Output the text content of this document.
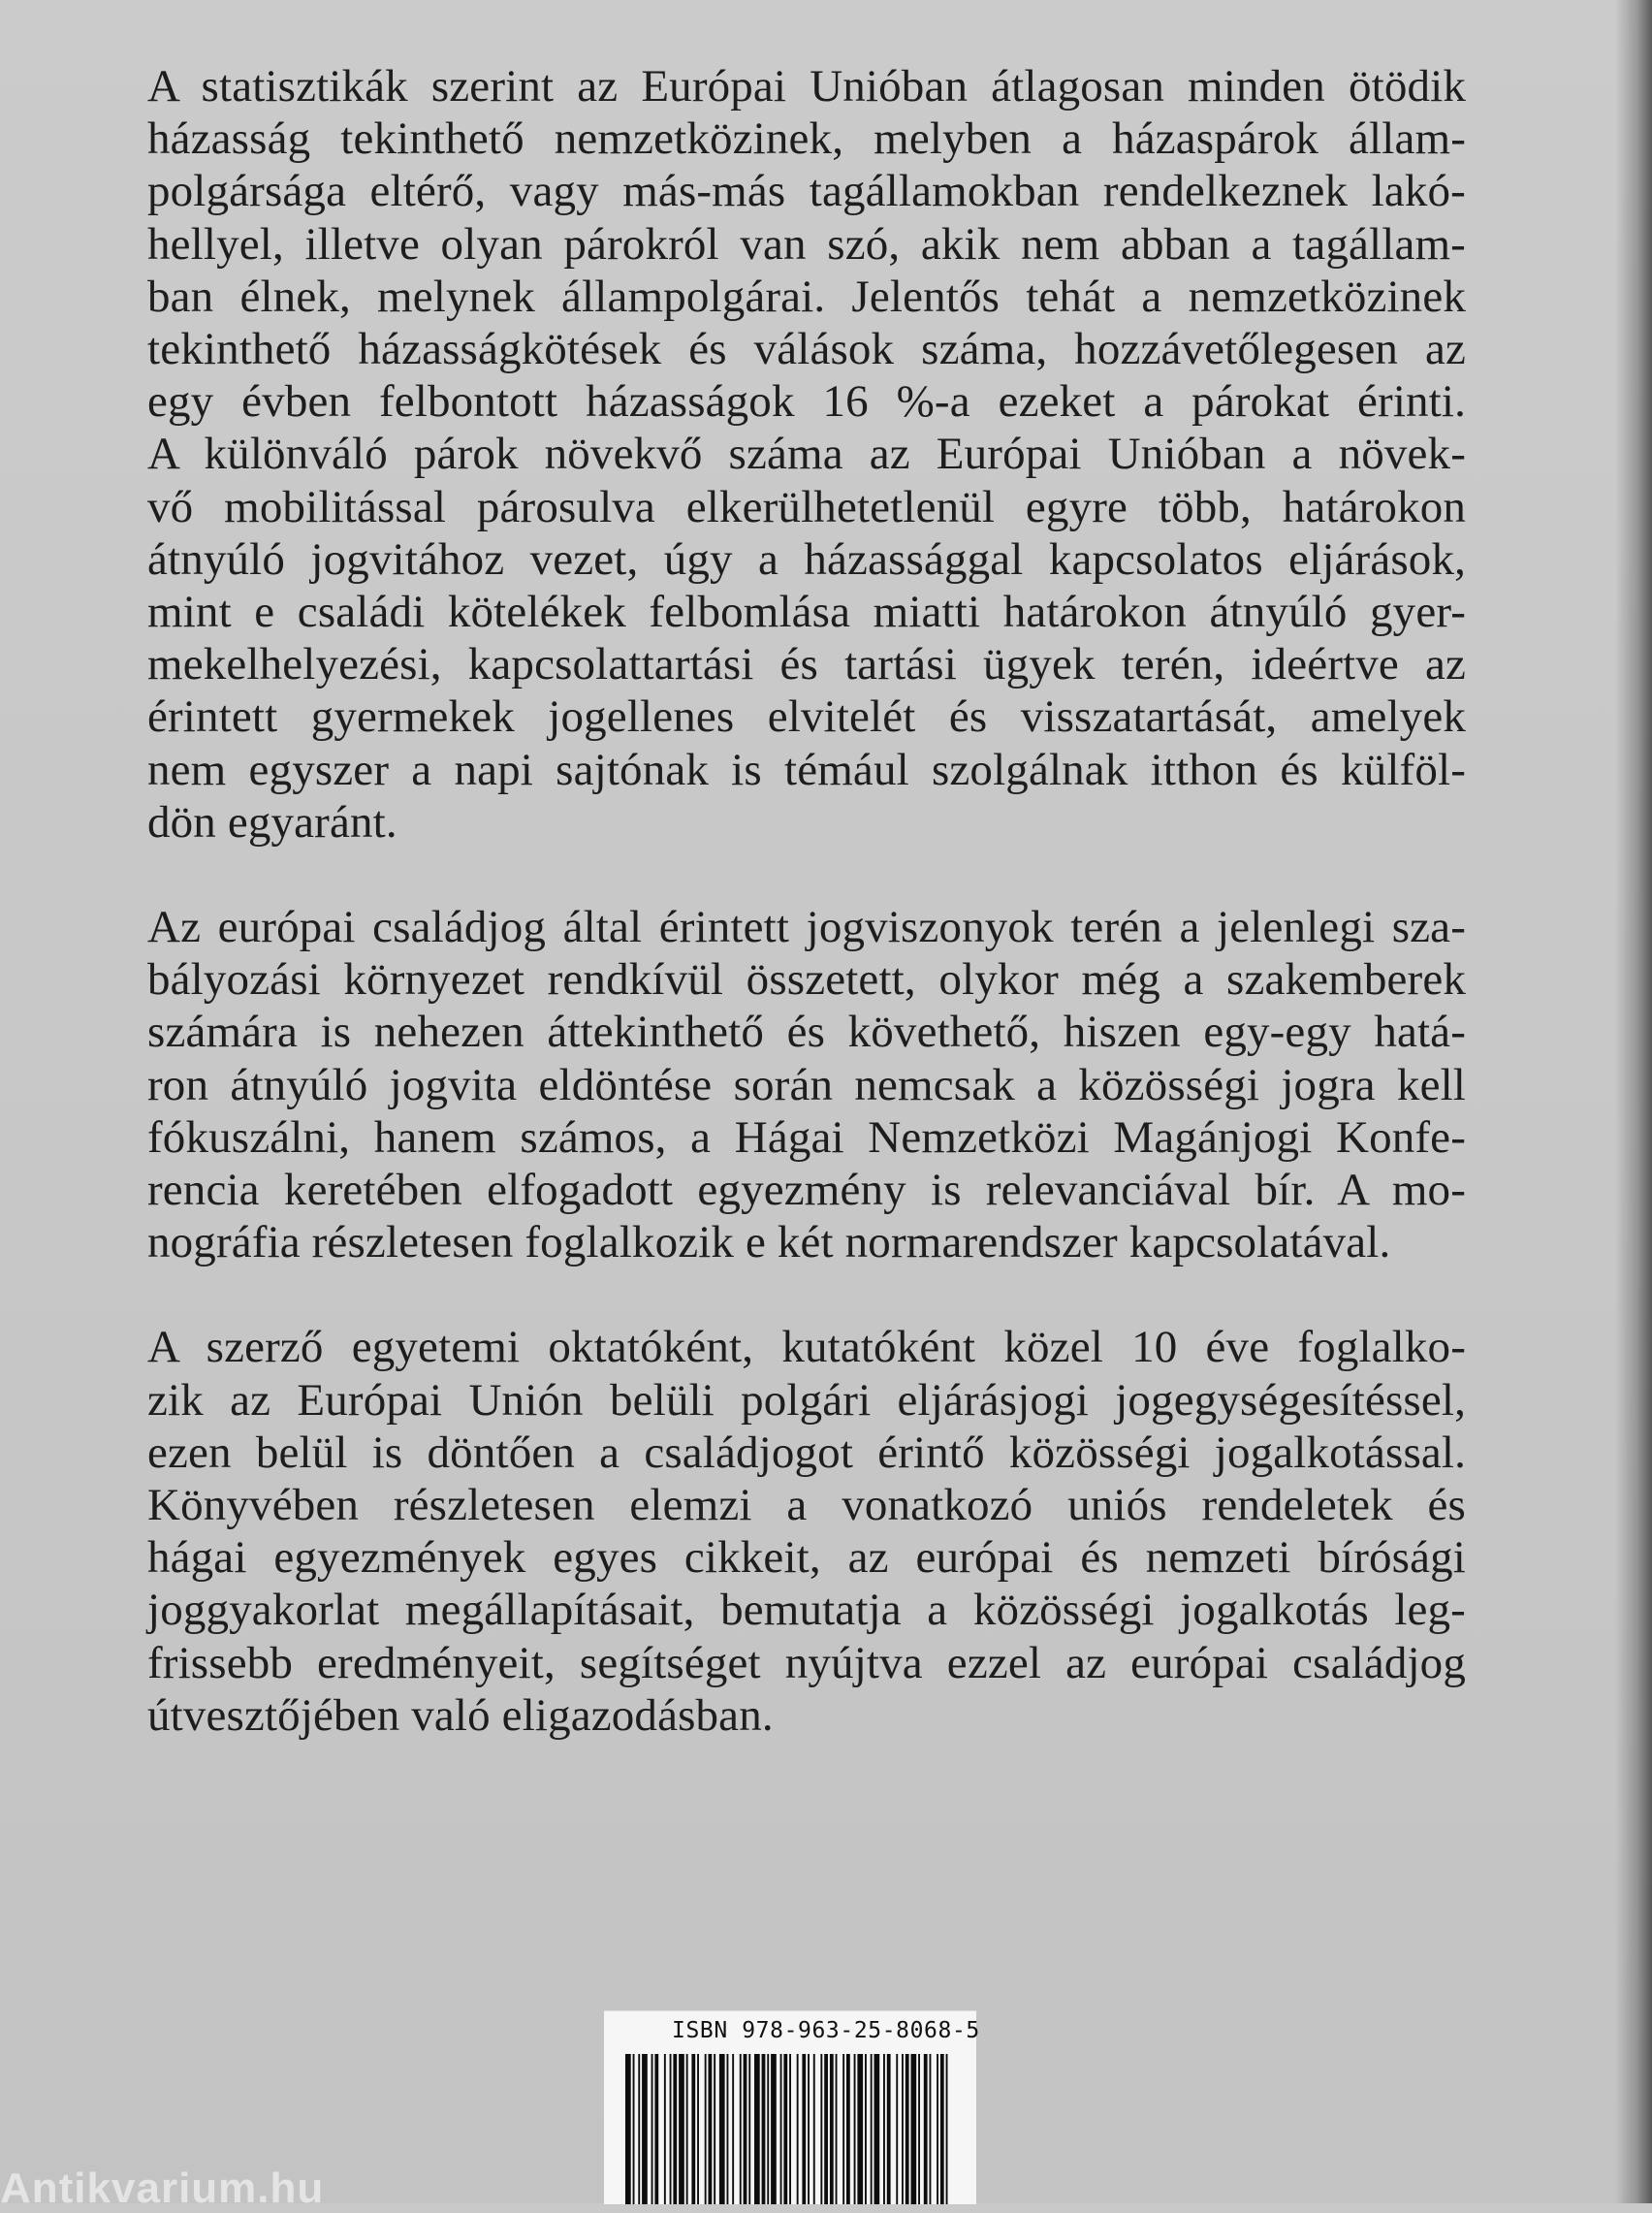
A statisztikák szerint az Európai Unióban átlagosan minden ötödik

házasság tekinthető nemzetközinek, melyben a házaspárok állam-

polgársága eltérő, vagy más-más tagállamokban rendelkeznek lakó-

hellyel, illetve olyan párokról van szó, akik nem abban a tagállam-

ban élnek, melynek állampolgárai. Jelentős tehát a nemzetközinek

tekinthető házasságkötések és válások száma, hozzávetőlegesen az

egy évben felbontott házasságok 16 %-a ezeket a párokat érinti.

A különváló párok növekvő száma az Európai Unióban a növek-

vő mobilitással párosulva elkerülhetetlenül egyre több, határokon

átnyúló jogvitához vezet, úgy a házassággal kapcsolatos eljárások,

mint e családi kötelékek felbomlása miatti határokon átnyúló gyer-

mekelhelyezési, kapcsolattartási és tartási ügyek terén, ideértve az

érintett gyermekek jogellenes elvitelét és visszatartását, amelyek

nem egyszer a napi sajtónak is témául szolgálnak itthon és külföl-

dön egyaránt.

Az európai családjog által érintett jogviszonyok terén a jelenlegi sza-

bályozási környezet rendkívül összetett, olykor még a szakemberek

számára is nehezen áttekinthető és követhető, hiszen egy-egy hatá-

ron átnyúló jogvita eldöntése során nemcsak a közösségi jogra kell

fókuszálni, hanem számos, a Hágai Nemzetközi Magánjogi Konfe-

rencia keretében elfogadott egyezmény is relevanciával bír. A mo-

nográfia részletesen foglalkozik e két normarendszer kapcsolatával.

A szerző egyetemi oktatóként, kutatóként közel 10 éve foglalko-

zik az Európai Unión belüli polgári eljárásjogi jogegységesítéssel,

ezen belül is döntően a családjogot érintő közösségi jogalkotással.

Könyvében részletesen elemzi a vonatkozó uniós rendeletek és

hágai egyezmények egyes cikkeit, az európai és nemzeti bírósági

joggyakorlat megállapításait, bemutatja a közösségi jogalkotás leg-

frissebb eredményeit, segítséget nyújtva ezzel az európai családjog

útvesztőjében való eligazodásban.

ISBN 978-963-25-8068-5
Antikvarium.hu
